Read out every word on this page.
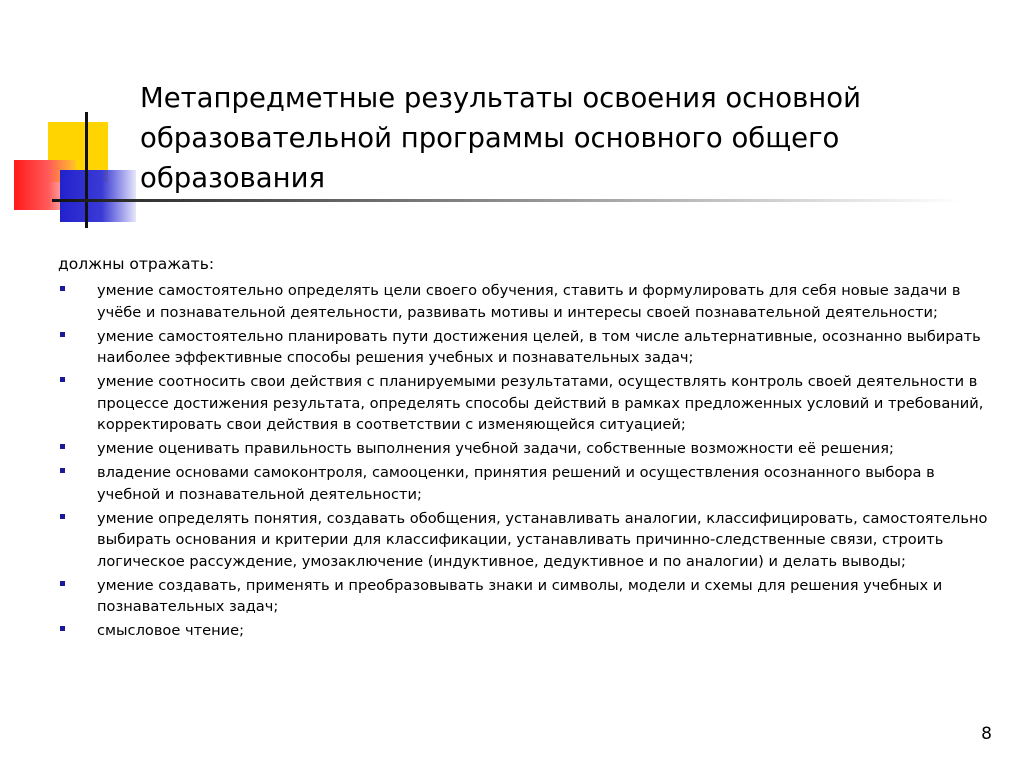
Метапредметные результаты освоения основной
образовательной программы основного общего
образования

должны отражать:

умение самостоятельно определять цели своего обучения, ставить и формулировать для себя новые задачи в учёбе и познавательной деятельности, развивать мотивы и интересы своей познавательной деятельности;
умение самостоятельно планировать пути достижения целей, в том числе альтернативные, осознанно выбирать наиболее эффективные способы решения учебных и познавательных задач;
умение соотносить свои действия с планируемыми результатами, осуществлять контроль своей деятельности в процессе достижения результата, определять способы действий в рамках предложенных условий и требований, корректировать свои действия в соответствии с изменяющейся ситуацией;
умение оценивать правильность выполнения учебной задачи, собственные возможности её решения;
владение основами самоконтроля, самооценки, принятия решений и осуществления осознанного выбора в учебной и познавательной деятельности;
умение определять понятия, создавать обобщения, устанавливать аналогии, классифицировать, самостоятельно выбирать основания и критерии для классификации, устанавливать причинно-следственные связи, строить логическое рассуждение, умозаключение (индуктивное, дедуктивное и по аналогии) и делать выводы;
умение создавать, применять и преобразовывать знаки и символы, модели и схемы для решения учебных и познавательных задач;
смысловое чтение;
8
